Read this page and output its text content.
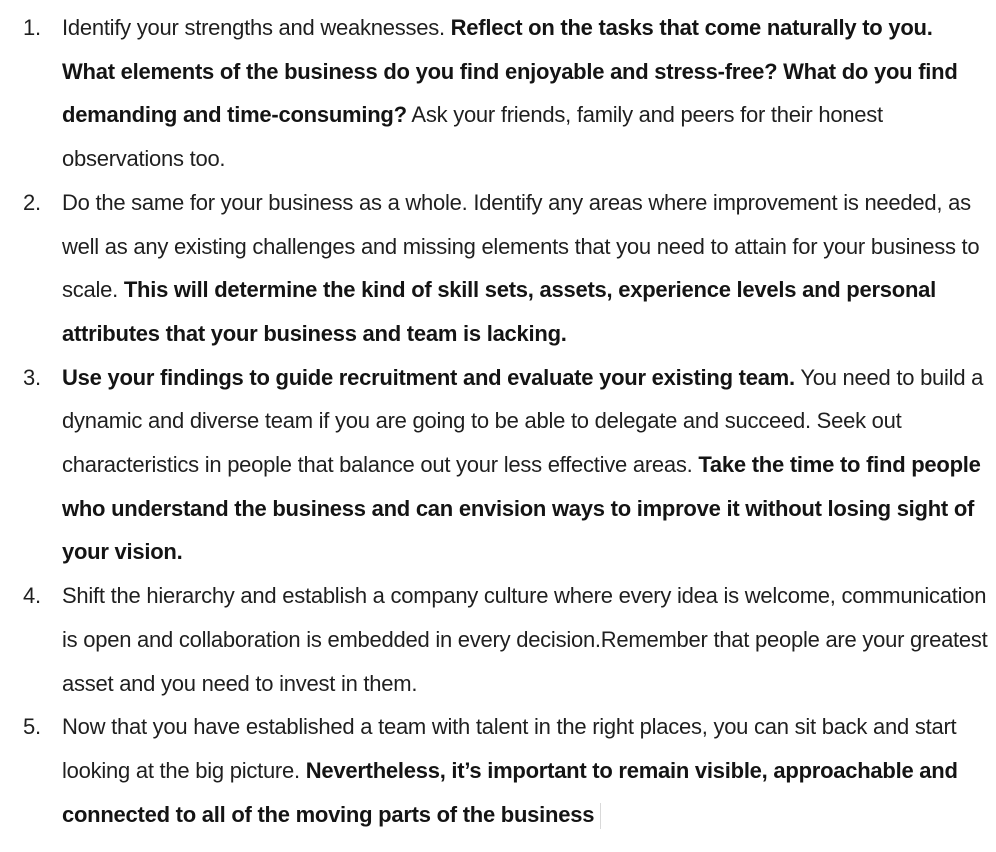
1. Identify your strengths and weaknesses. Reflect on the tasks that come naturally to you. What elements of the business do you find enjoyable and stress-free? What do you find demanding and time-consuming? Ask your friends, family and peers for their honest observations too.
2. Do the same for your business as a whole. Identify any areas where improvement is needed, as well as any existing challenges and missing elements that you need to attain for your business to scale. This will determine the kind of skill sets, assets, experience levels and personal attributes that your business and team is lacking.
3. Use your findings to guide recruitment and evaluate your existing team. You need to build a dynamic and diverse team if you are going to be able to delegate and succeed. Seek out characteristics in people that balance out your less effective areas. Take the time to find people who understand the business and can envision ways to improve it without losing sight of your vision.
4. Shift the hierarchy and establish a company culture where every idea is welcome, communication is open and collaboration is embedded in every decision.Remember that people are your greatest asset and you need to invest in them.
5. Now that you have established a team with talent in the right places, you can sit back and start looking at the big picture. Nevertheless, it’s important to remain visible, approachable and connected to all of the moving parts of the business
